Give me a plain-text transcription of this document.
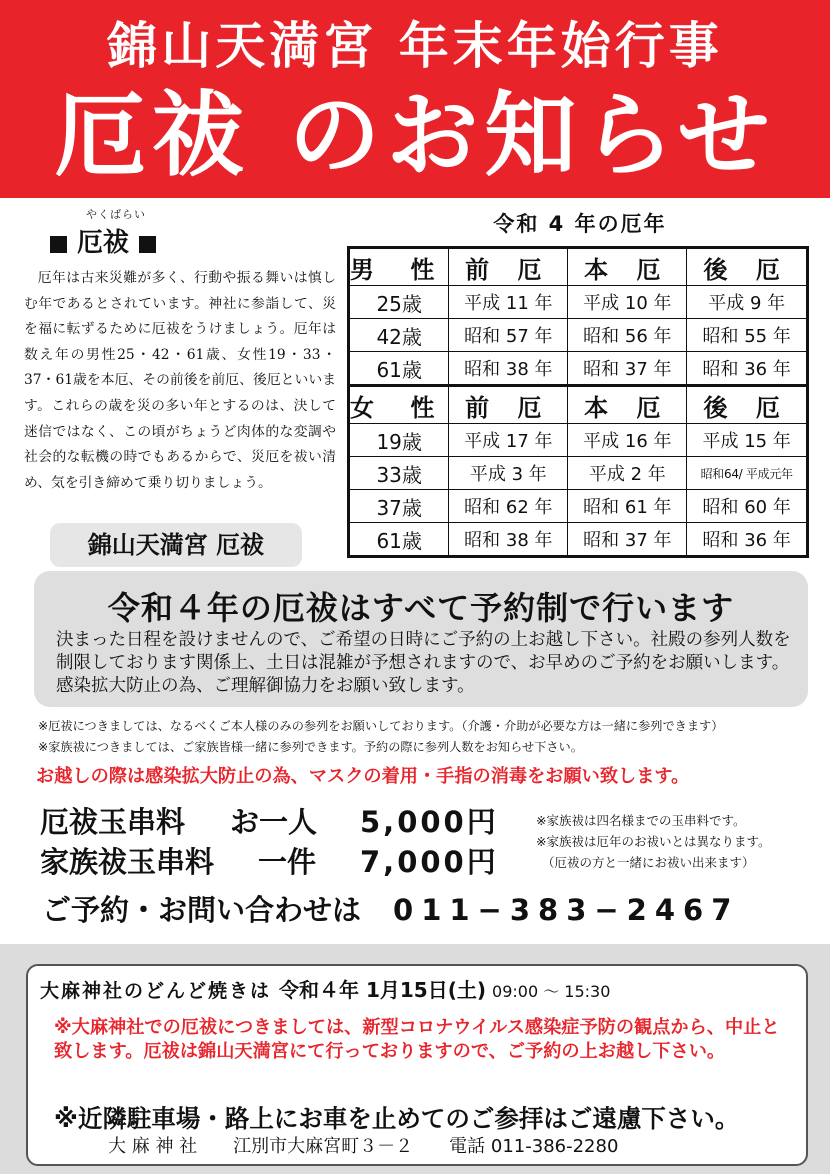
錦山天満宮 年末年始行事
厄祓 のお知らせ
やくばらい
厄祓
厄年は古来災難が多く、行動や振る舞いは慎しむ年であるとされています。神社に参詣して、災を福に転ずるために厄祓をうけましょう。厄年は数え年の男性25・42・61歳、女性19・33・37・61歳を本厄、その前後を前厄、後厄といいます。これらの歳を災の多い年とするのは、決して迷信ではなく、この頃がちょうど肉体的な変調や社会的な転機の時でもあるからで、災厄を祓い清め、気を引き締めて乗り切りましょう。
錦山天満宮 厄祓
令和 4 年の厄年
男 性	前 厄	本 厄	後 厄
25歳	平成 11 年	平成 10 年	平成 9 年
42歳	昭和 57 年	昭和 56 年	昭和 55 年
61歳	昭和 38 年	昭和 37 年	昭和 36 年
女 性	前 厄	本 厄	後 厄
19歳	平成 17 年	平成 16 年	平成 15 年
33歳	平成 3 年	平成 2 年	昭和64/ 平成元年
37歳	昭和 62 年	昭和 61 年	昭和 60 年
61歳	昭和 38 年	昭和 37 年	昭和 36 年
令和４年の厄祓はすべて予約制で行います
決まった日程を設けませんので、ご希望の日時にご予約の上お越し下さい。社殿の参列人数を制限しております関係上、土日は混雑が予想されますので、お早めのご予約をお願いします。感染拡大防止の為、ご理解御協力をお願い致します。
※厄祓につきましては、なるべくご本人様のみの参列をお願いしております。（介護・介助が必要な方は一緒に参列できます）
※家族祓につきましては、ご家族皆様一緒に参列できます。予約の際に参列人数をお知らせ下さい。
お越しの際は感染拡大防止の為、マスクの着用・手指の消毒をお願い致します。
厄祓玉串料 お一人 5,000円
家族祓玉串料 一件 7,000円
※家族祓は四名様までの玉串料です。
※家族祓は厄年のお祓いとは異なります。
（厄祓の方と一緒にお祓い出来ます）
ご予約・お問い合わせは 011−383−2467
大麻神社のどんど焼きは 令和４年 1月15日(土) 09:00 〜 15:30
※大麻神社での厄祓につきましては、新型コロナウイルス感染症予防の観点から、中止と致します。厄祓は錦山天満宮にて行っておりますので、ご予約の上お越し下さい。
※近隣駐車場・路上にお車を止めてのご参拝はご遠慮下さい。
大 麻 神 社 江別市大麻宮町３－２ 電話 011-386-2280
